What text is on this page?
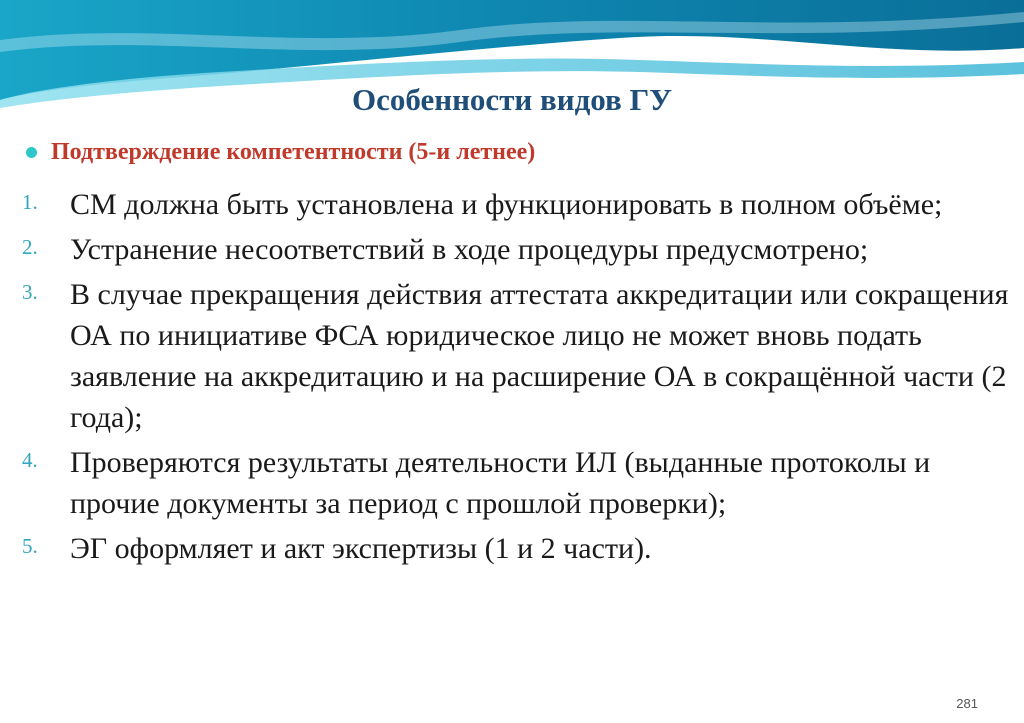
Особенности видов ГУ
Подтверждение компетентности (5-и летнее)
1.	СМ должна быть установлена и функционировать в полном объёме;
2.	Устранение несоответствий в ходе процедуры предусмотрено;
3.	В случае прекращения действия аттестата аккредитации или сокращения ОА по инициативе ФСА юридическое лицо не может вновь подать заявление на аккредитацию и на расширение ОА в сокращённой части (2 года);
4.	Проверяются результаты деятельности ИЛ (выданные протоколы и прочие документы за период с прошлой проверки);
5.	ЭГ оформляет и акт экспертизы (1 и 2 части).
281
